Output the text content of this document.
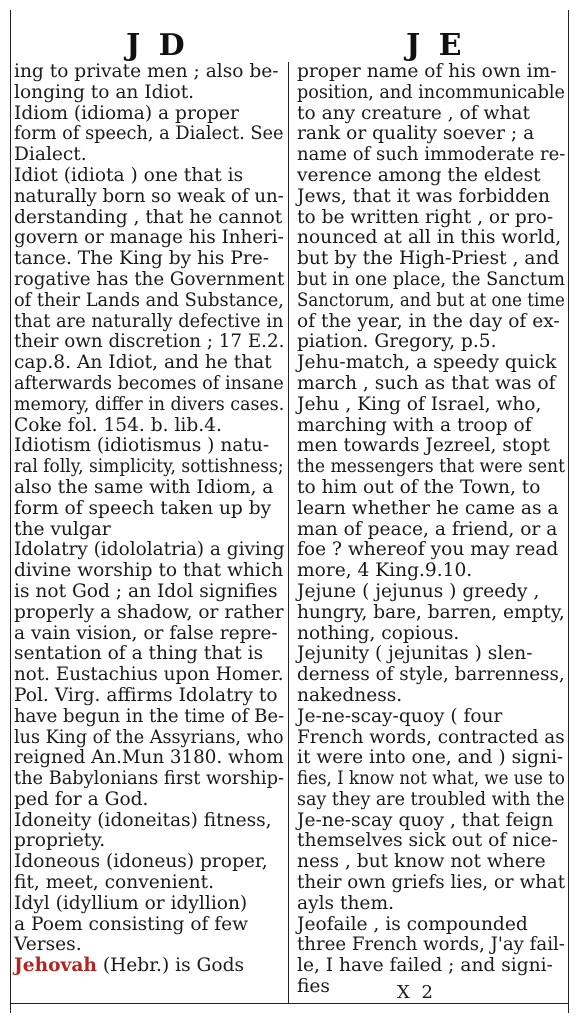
J D	J E
ing to private men ; also be-
longing to an Idiot.
Idiom (idioma) a proper
form of speech, a Dialect. See
Dialect.
Idiot (idiota ) one that is
naturally born so weak of un-
derstanding , that he cannot
govern or manage his Inheri-
tance. The King by his Pre-
rogative has the Government
of their Lands and Substance,
that are naturally defective in
their own discretion ; 17 E.2.
cap.8. An Idiot, and he that
afterwards becomes of insane
memory, differ in divers cases.
Coke fol. 154. b. lib.4.
Idiotism (idiotismus ) natu-
ral folly, simplicity, sottishness;
also the same with Idiom, a
form of speech taken up by
the vulgar
Idolatry (idololatria) a giving
divine worship to that which
is not God ; an Idol signifies
properly a shadow, or rather
a vain vision, or false repre-
sentation of a thing that is
not. Eustachius upon Homer.
Pol. Virg. affirms Idolatry to
have begun in the time of Be-
lus King of the Assyrians, who
reigned An.Mun 3180. whom
the Babylonians first worship-
ped for a God.
Idoneity (idoneitas) fitness,
propriety.
Idoneous (idoneus) proper,
fit, meet, convenient.
Idyl (idyllium or idyllion)
a Poem consisting of few
Verses.
Jehovah (Hebr.) is Gods
proper name of his own im-
position, and incommunicable
to any creature , of what
rank or quality soever ; a
name of such immoderate re-
verence among the eldest
Jews, that it was forbidden
to be written right , or pro-
nounced at all in this world,
but by the High-Priest , and
but in one place, the Sanctum
Sanctorum, and but at one time
of the year, in the day of ex-
piation. Gregory, p.5.
Jehu-match, a speedy quick
march , such as that was of
Jehu , King of Israel, who,
marching with a troop of
men towards Jezreel, stopt
the messengers that were sent
to him out of the Town, to
learn whether he came as a
man of peace, a friend, or a
foe ? whereof you may read
more, 4 King.9.10.
Jejune ( jejunus ) greedy ,
hungry, bare, barren, empty,
nothing, copious.
Jejunity ( jejunitas ) slen-
derness of style, barrenness,
nakedness.
Je-ne-scay-quoy ( four
French words, contracted as
it were into one, and ) signi-
fies, I know not what, we use to
say they are troubled with the
Je-ne-scay quoy , that feign
themselves sick out of nice-
ness , but know not where
their own griefs lies, or what
ayls them.
Jeofaile , is compounded
three French words, J'ay fail-
le, I have failed ; and signi-
fies	X 2
